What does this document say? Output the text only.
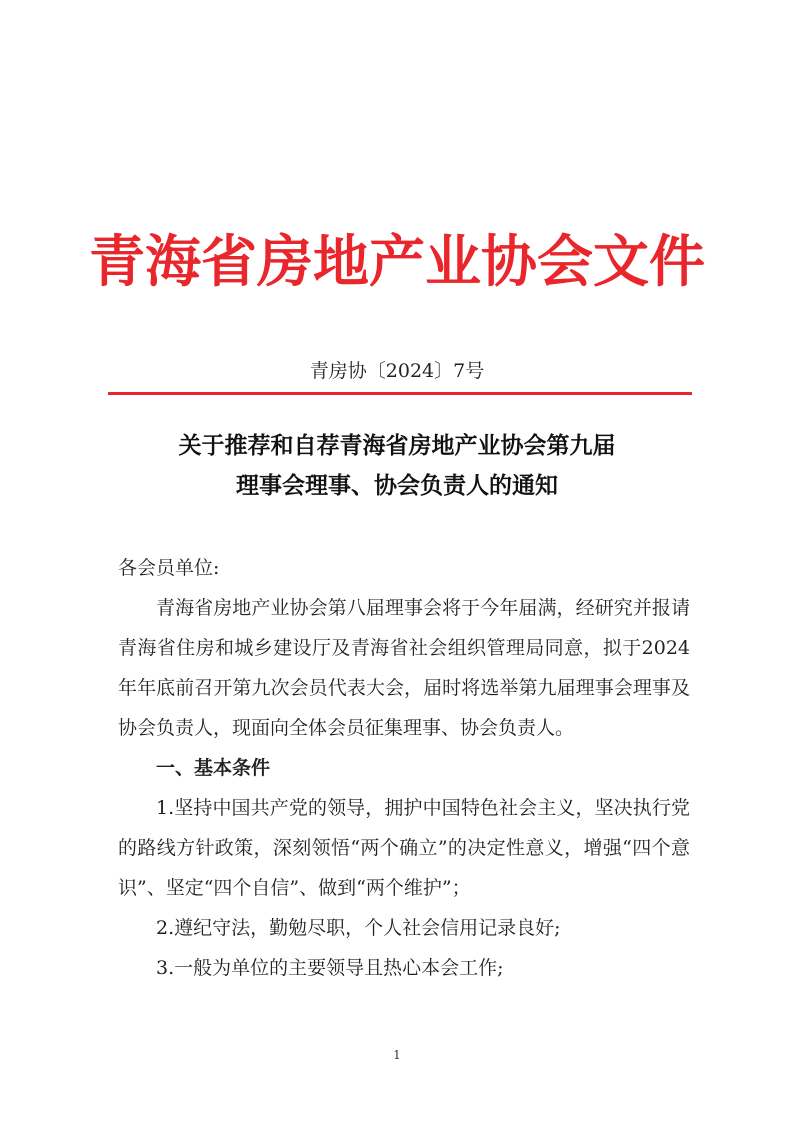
青海省房地产业协会文件
青房协〔2024〕7号
关于推荐和自荐青海省房地产业协会第九届
理事会理事、协会负责人的通知

各会员单位:

青海省房地产业协会第八届理事会将于今年届满，经研究并报请青海省住房和城乡建设厅及青海省社会组织管理局同意，拟于2024年年底前召开第九次会员代表大会，届时将选举第九届理事会理事及协会负责人，现面向全体会员征集理事、协会负责人。

一、基本条件

1.坚持中国共产党的领导，拥护中国特色社会主义，坚决执行党的路线方针政策，深刻领悟“两个确立”的决定性意义，增强“四个意识”、坚定“四个自信”、做到“两个维护”；

2.遵纪守法，勤勉尽职，个人社会信用记录良好;

3.一般为单位的主要领导且热心本会工作;

1
